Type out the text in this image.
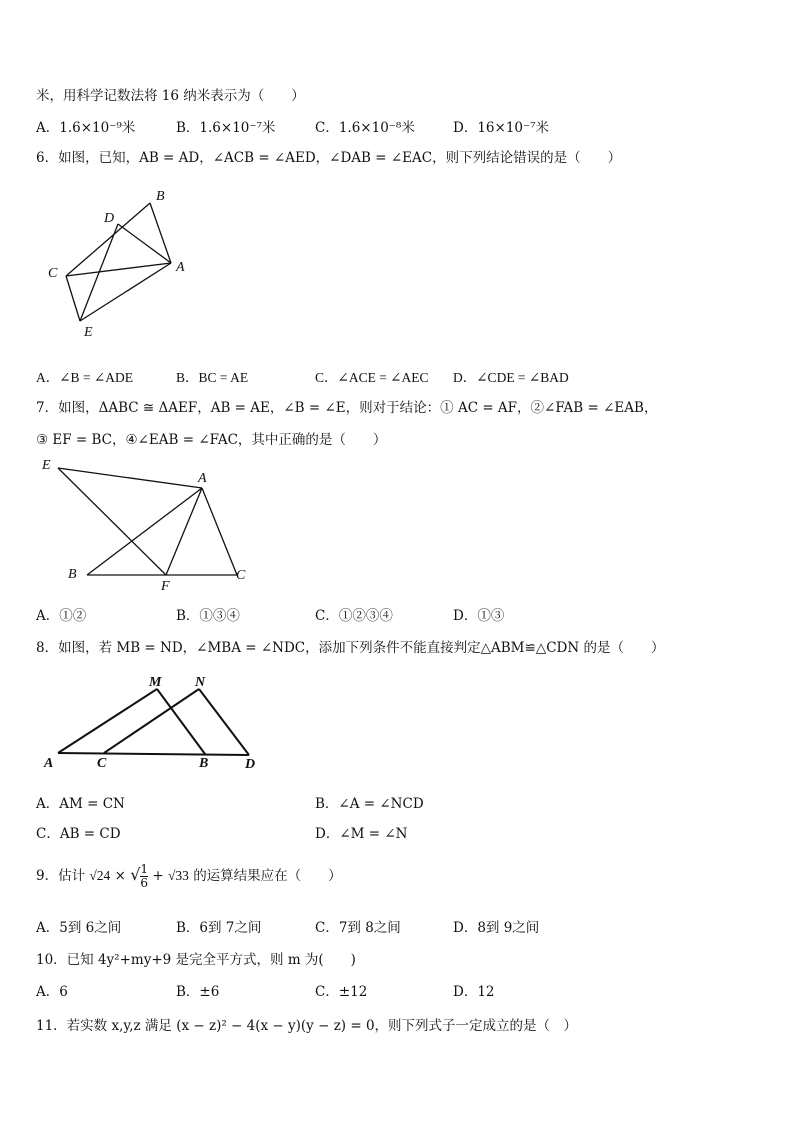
米，用科学记数法将 16 纳米表示为（　　）
A．1.6×10⁻⁹米	B．1.6×10⁻⁷米	C．1.6×10⁻⁸米	D．16×10⁻⁷米
6．如图，已知，AB = AD，∠ACB = ∠AED，∠DAB = ∠EAC，则下列结论错误的是（　　）
B
D
C	A
E
A．∠B = ∠ADE	B．BC = AE	C．∠ACE = ∠AEC D．∠CDE = ∠BAD
7．如图，ΔABC ≅ ΔAEF，AB = AE，∠B = ∠E，则对于结论：① AC = AF，②∠FAB = ∠EAB，
③ EF = BC，④∠EAB = ∠FAC，其中正确的是（　　）
E
A
B
F
C
A．①②	B．①③④	C．①②③④	D．①③
8．如图，若 MB = ND，∠MBA = ∠NDC，添加下列条件不能直接判定△ABM≌△CDN 的是（　　）
M N
A	C	B	D
A．AM = CN	B．∠A = ∠NCD
C．AB = CD	D．∠M = ∠N
9．估计 √24 × √ $\frac{1}{6} + √33$ 的运算结果应在（　　）
A．5到 6之间	B．6到 7之间	C．7到 8之间	D．8到 9之间
10．已知 4y²+my+9 是完全平方式，则 m 为(　　)
A．6	B．±6	C．±12	D．12
11．若实数 x,y,z 满足 (x − z)² − 4(x − y)(y − z) = 0，则下列式子一定成立的是（　）
